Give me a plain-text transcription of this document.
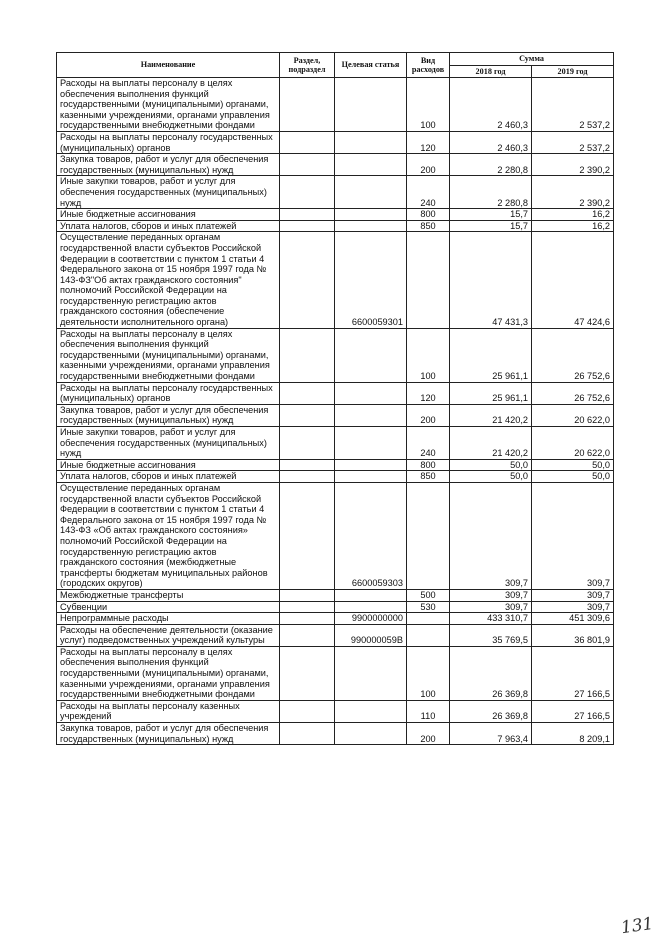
Наименование	Раздел, подраздел	Целевая статья	Вид расходов	Сумма	
				2018 год	2019 год
Расходы на выплаты персоналу в целях обеспечения выполнения функций государственными (муниципальными) органами, казенными учреждениями, органами управления государственными внебюджетными фондами			100	2 460,3	2 537,2
Расходы на выплаты персоналу государственных (муниципальных) органов			120	2 460,3	2 537,2
Закупка товаров, работ и услуг для обеспечения государственных (муниципальных) нужд			200	2 280,8	2 390,2
Иные закупки товаров, работ и услуг для обеспечения государственных (муниципальных) нужд			240	2 280,8	2 390,2
Иные бюджетные ассигнования			800	15,7	16,2
Уплата налогов, сборов и иных платежей			850	15,7	16,2
Осуществление переданных органам государственной власти субъектов Российской Федерации в соответствии с пунктом 1 статьи 4 Федерального закона от 15 ноября 1997 года № 143-ФЗ"Об актах гражданского состояния" полномочий Российской Федерации на государственную регистрацию актов гражданского состояния (обеспечение деятельности исполнительного органа)		6600059301		47 431,3	47 424,6
Расходы на выплаты персоналу в целях обеспечения выполнения функций государственными (муниципальными) органами, казенными учреждениями, органами управления государственными внебюджетными фондами			100	25 961,1	26 752,6
Расходы на выплаты персоналу государственных (муниципальных) органов			120	25 961,1	26 752,6
Закупка товаров, работ и услуг для обеспечения государственных (муниципальных) нужд			200	21 420,2	20 622,0
Иные закупки товаров, работ и услуг для обеспечения государственных (муниципальных) нужд			240	21 420,2	20 622,0
Иные бюджетные ассигнования			800	50,0	50,0
Уплата налогов, сборов и иных платежей			850	50,0	50,0
Осуществление переданных органам государственной власти субъектов Российской Федерации в соответствии с пунктом 1 статьи 4 Федерального закона от 15 ноября 1997 года № 143-ФЗ «Об актах гражданского состояния» полномочий Российской Федерации на государственную регистрацию актов гражданского состояния (межбюджетные трансферты бюджетам муниципальных районов (городских округов)		6600059303		309,7	309,7
Межбюджетные трансферты			500	309,7	309,7
Субвенции			530	309,7	309,7
Непрограммные расходы		9900000000		433 310,7	451 309,6
Расходы на обеспечение деятельности (оказание услуг) подведомственных учреждений культуры		990000059В		35 769,5	36 801,9
Расходы на выплаты персоналу в целях обеспечения выполнения функций государственными (муниципальными) органами, казенными учреждениями, органами управления государственными внебюджетными фондами			100	26 369,8	27 166,5
Расходы на выплаты персоналу казенных учреждений			110	26 369,8	27 166,5
Закупка товаров, работ и услуг для обеспечения государственных (муниципальных) нужд			200	7 963,4	8 209,1
131
